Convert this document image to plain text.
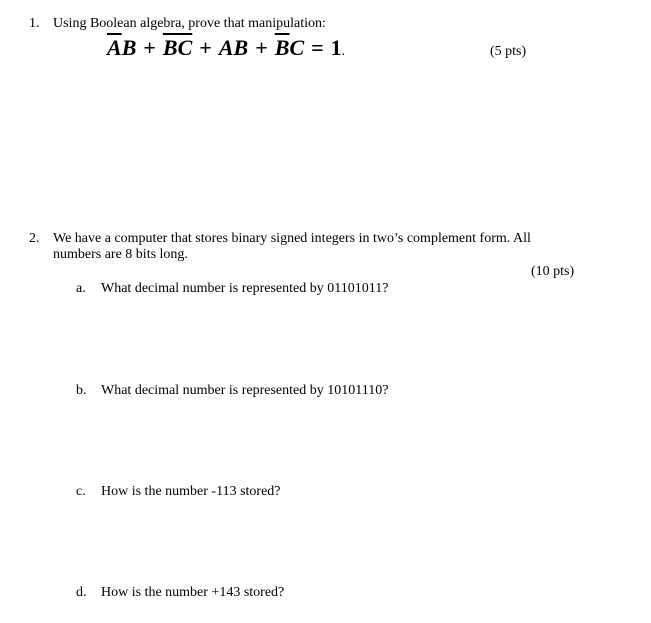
1. Using Boolean algebra, prove that manipulation:
$\overline{A}B + \overline{B}\overline{C}$ + AB + $\overline{B}C = 1$.	(5 pts)
2. We have a computer that stores binary signed integers in two’s complement form. All numbers are 8 bits long.
(10 pts)
a. What decimal number is represented by 01101011?
b. What decimal number is represented by 10101110?
c. How is the number -113 stored?
d. How is the number +143 stored?
